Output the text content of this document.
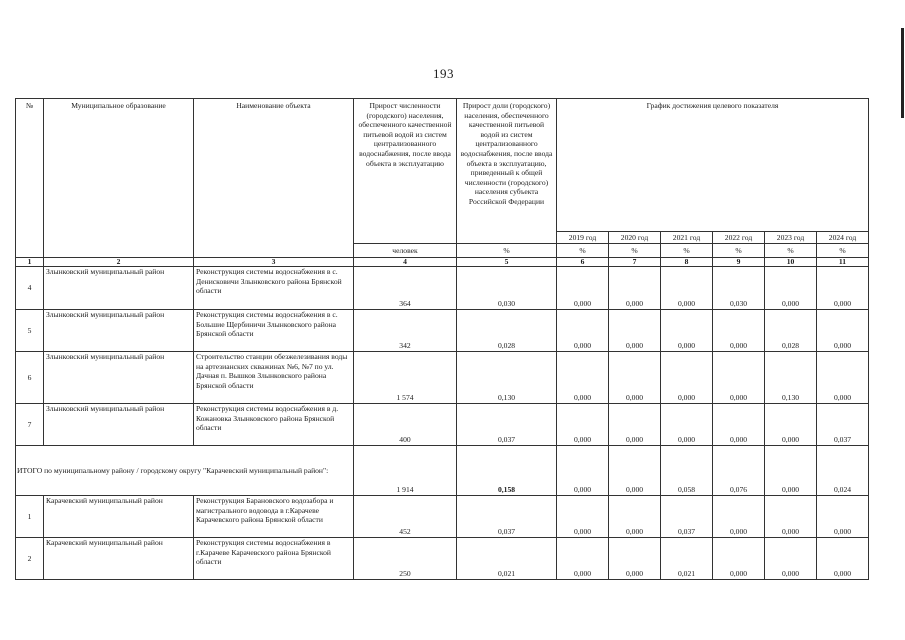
193
№	Муниципальное образование	Наименование объекта	Прирост численности (городского) населения, обеспеченного качественной питьевой водой из систем централизованного водоснабжения, после ввода объекта в эксплуатацию	Прирост доли (городского) населения, обеспеченного качественной питьевой водой из систем централизованного водоснабжения, после ввода объекта в эксплуатацию, приведенный к общей численности (городского) населения субъекта Российской Федерации	График достижения целевого показателя					
					2019 год	2020 год	2021 год	2022 год	2023 год	2024 год
			человек	%	%	%	%	%	%	%
1	2	3	4	5	6	7	8	9	10	11
4	Злынковский муниципальный район	Реконструкция системы водоснабжения в с. Денисковичи Злынковского района Брянской области	364	0,030	0,000	0,000	0,000	0,030	0,000	0,000
5	Злынковский муниципальный район	Реконструкция системы водоснабжения в с. Большие Щербиничи Злынковского района Брянской области	342	0,028	0,000	0,000	0,000	0,000	0,028	0,000
6	Злынковский муниципальный район	Строительство станции обезжелезивания воды на артезианских скважинах №6, №7 по ул. Дачная п. Вышков Злынковского района Брянской области	1 574	0,130	0,000	0,000	0,000	0,000	0,130	0,000
7	Злынковский муниципальный район	Реконструкция системы водоснабжения в д. Кожановка Злынковского района Брянской области	400	0,037	0,000	0,000	0,000	0,000	0,000	0,037
ИТОГО по муниципальному району / городскому округу "Карачевский муниципальный район":			1 914	0,158	0,000	0,000	0,058	0,076	0,000	0,024
1	Карачевский муниципальный район	Реконструкция Барановского водозабора и магистрального водовода в г.Карачеве Карачевского района Брянской области	452	0,037	0,000	0,000	0,037	0,000	0,000	0,000
2	Карачевский муниципальный район	Реконструкция системы водоснабжения в г.Карачеве Карачевского района Брянской области	250	0,021	0,000	0,000	0,021	0,000	0,000	0,000
